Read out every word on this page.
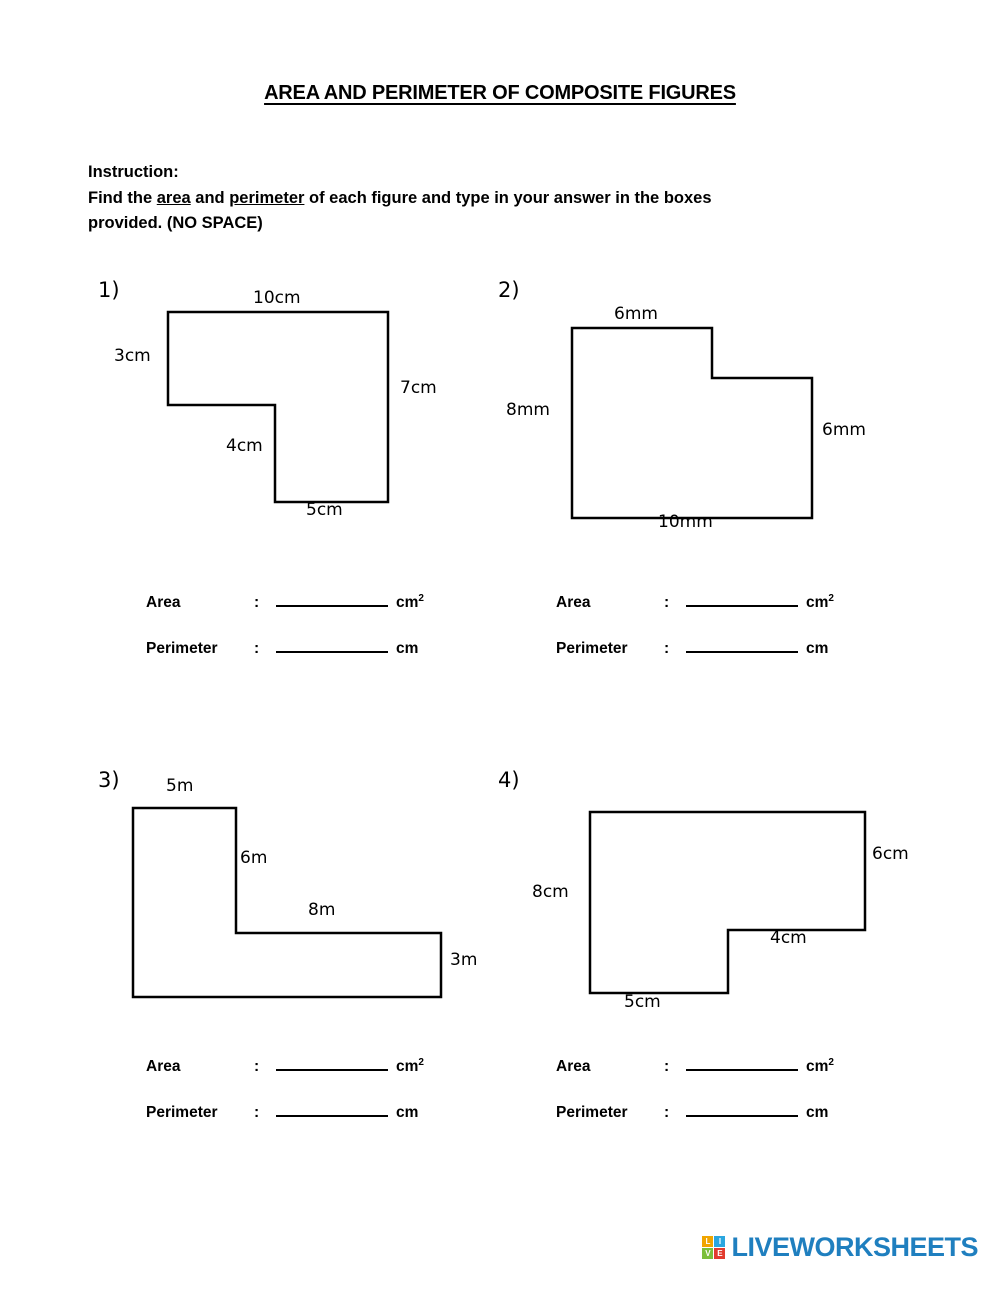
AREA AND PERIMETER OF COMPOSITE FIGURES
Instruction:
Find the area and perimeter of each figure and type in your answer in the boxes
provided. (NO SPACE)
1)	10cm
3cm
7cm
4cm
5cm
Area	:	$cm^2$
Perimeter	:	cm
2)
6mm
8mm
6mm
10mm
Area	:	$cm^2$
Perimeter	:	cm
3)	5m
6m
8m
3m
Area	:	$cm^2$
Perimeter	:	cm
4)
6cm
8cm
4cm
5cm
Area	:	$cm^2$
Perimeter	:	cm
L	I
V E LIVEWORKSHEETS
